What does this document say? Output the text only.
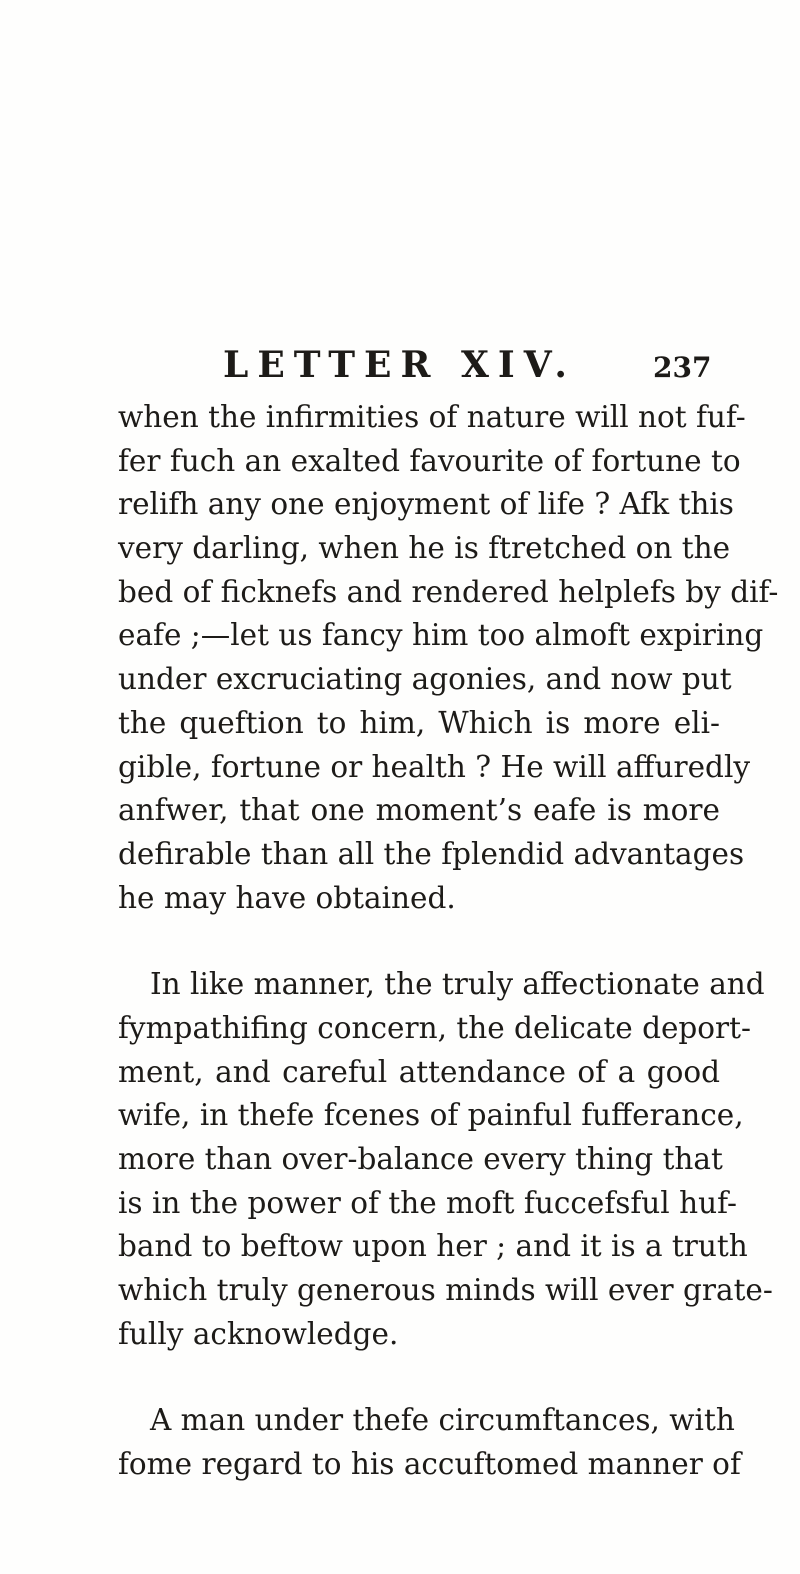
LETTER XIV.	237
when the infirmities of nature will not fuf-
fer fuch an exalted favourite of fortune to
relifh any one enjoyment of life ? Afk this
very darling, when he is ftretched on the
bed of ficknefs and rendered helplefs by dif-
eafe ;—let us fancy him too almoft expiring
under excruciating agonies, and now put
the queftion to him, Which is more eli-
gible, fortune or health ? He will affuredly
anfwer, that one moment’s eafe is more
defirable than all the fplendid advantages
he may have obtained.
In like manner, the truly affectionate and
fympathifing concern, the delicate deport-
ment, and careful attendance of a good
wife, in thefe fcenes of painful fufferance,
more than over-balance every thing that
is in the power of the moft fuccefsful huf-
band to beftow upon her ; and it is a truth
which truly generous minds will ever grate-
fully acknowledge.
A man under thefe circumftances, with
fome regard to his accuftomed manner of
